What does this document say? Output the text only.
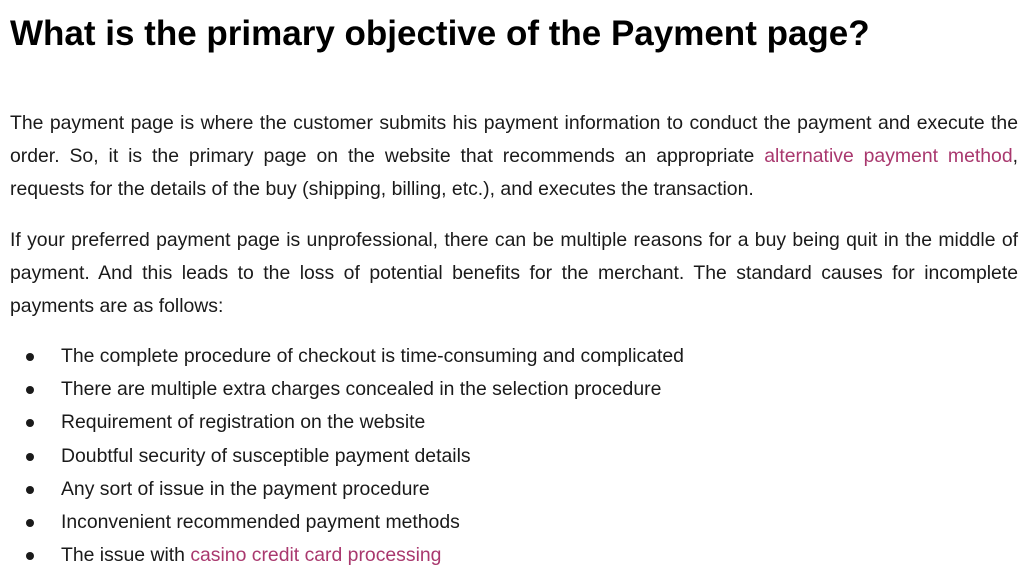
What is the primary objective of the Payment page?

The payment page is where the customer submits his payment information to conduct the payment and execute the order. So, it is the primary page on the website that recommends an appropriate alternative payment method, requests for the details of the buy (shipping, billing, etc.), and executes the transaction.

If your preferred payment page is unprofessional, there can be multiple reasons for a buy being quit in the middle of payment. And this leads to the loss of potential benefits for the merchant. The standard causes for incomplete payments are as follows:

The complete procedure of checkout is time-consuming and complicated
There are multiple extra charges concealed in the selection procedure
Requirement of registration on the website
Doubtful security of susceptible payment details
Any sort of issue in the payment procedure
Inconvenient recommended payment methods
The issue with casino credit card processing
